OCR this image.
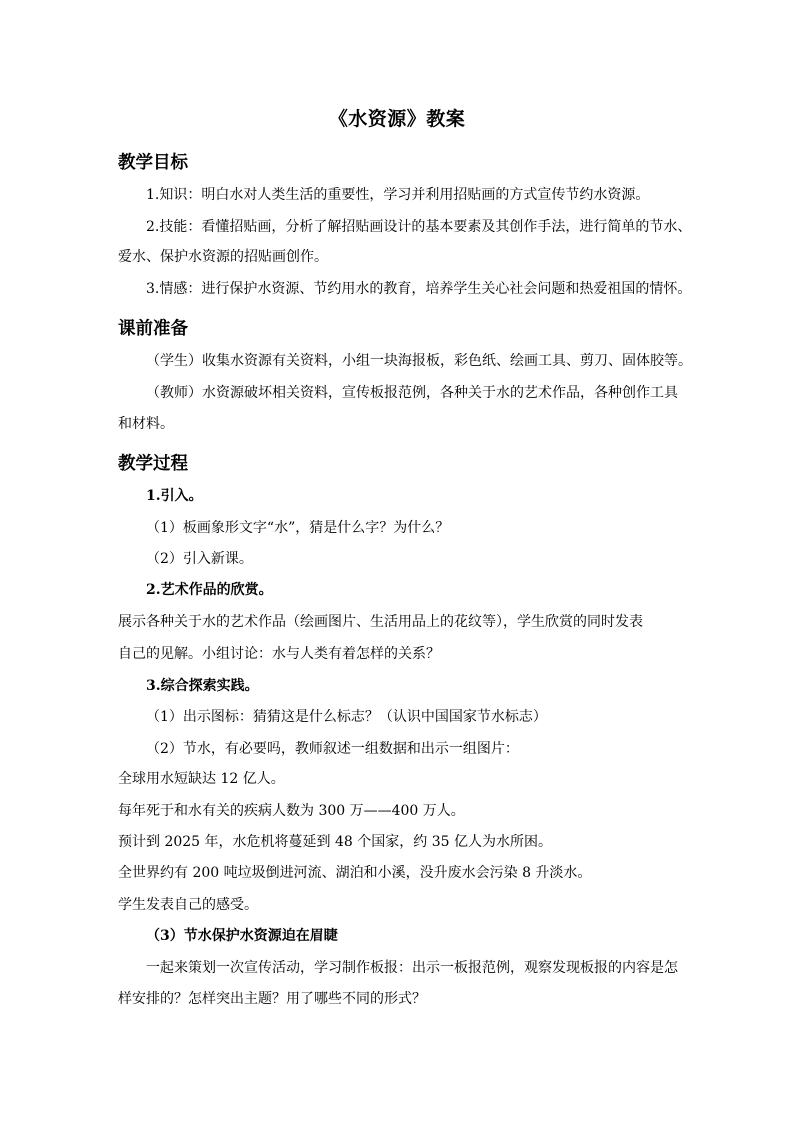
《水资源》教案
教学目标
1.知识：明白水对人类生活的重要性，学习并利用招贴画的方式宣传节约水资源。
2.技能：看懂招贴画，分析了解招贴画设计的基本要素及其创作手法，进行简单的节水、
爱水、保护水资源的招贴画创作。
3.情感：进行保护水资源、节约用水的教育，培养学生关心社会问题和热爱祖国的情怀。
课前准备
（学生）收集水资源有关资料，小组一块海报板，彩色纸、绘画工具、剪刀、固体胶等。
（教师）水资源破坏相关资料，宣传板报范例，各种关于水的艺术作品，各种创作工具
和材料。
教学过程
1.引入。
（1）板画象形文字“水”，猜是什么字？为什么？
（2）引入新课。
2.艺术作品的欣赏。
展示各种关于水的艺术作品（绘画图片、生活用品上的花纹等），学生欣赏的同时发表
自己的见解。小组讨论：水与人类有着怎样的关系？
3.综合探索实践。
（1）出示图标：猜猜这是什么标志？（认识中国国家节水标志）
（2）节水，有必要吗，教师叙述一组数据和出示一组图片：
全球用水短缺达 12 亿人。
每年死于和水有关的疾病人数为 300 万——400 万人。
预计到 2025 年，水危机将蔓延到 48 个国家，约 35 亿人为水所困。
全世界约有 200 吨垃圾倒进河流、湖泊和小溪，没升废水会污染 8 升淡水。
学生发表自己的感受。
（3）节水保护水资源迫在眉睫
一起来策划一次宣传活动，学习制作板报：出示一板报范例，观察发现板报的内容是怎
样安排的？怎样突出主题？用了哪些不同的形式？
